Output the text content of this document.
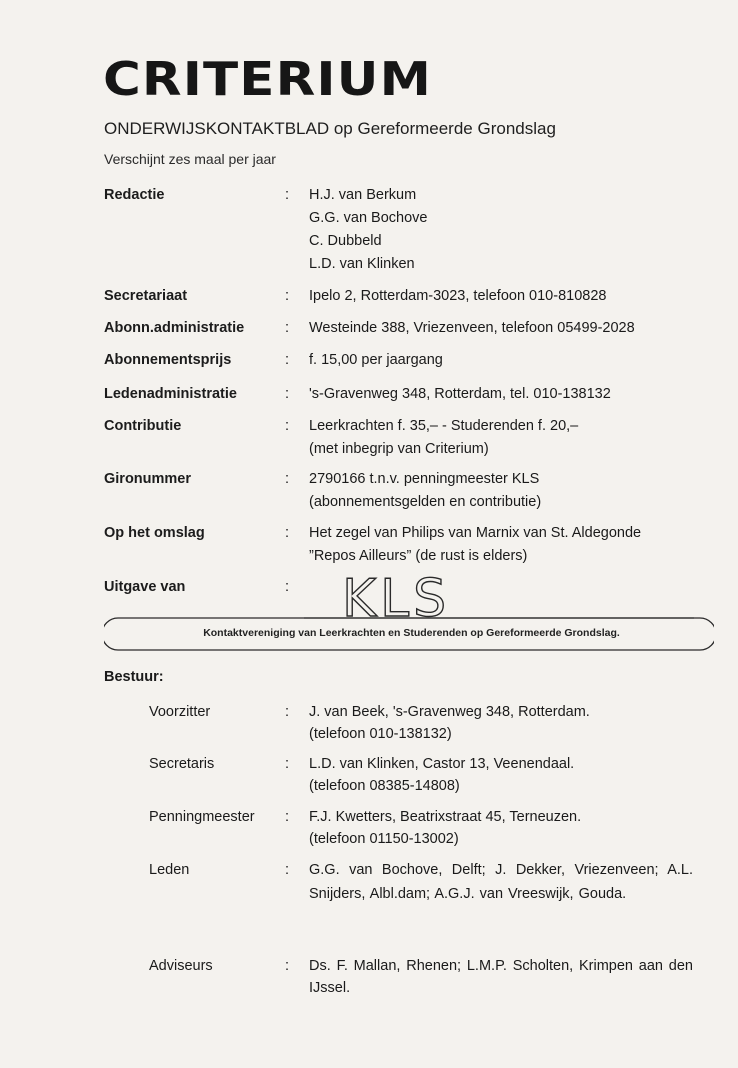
CRITERIUM
ONDERWIJSKONTAKTBLAD op Gereformeerde Grondslag
Verschijnt zes maal per jaar
Redactie	: H.J. van Berkum
G.G. van Bochove
C. Dubbeld
L.D. van Klinken
Secretariaat	: Ipelo 2, Rotterdam-3023, telefoon 010-810828
Abonn.administratie	: Westeinde 388, Vriezenveen, telefoon 05499-2028
Abonnementsprijs	: f. 15,00 per jaargang
Ledenadministratie	: 's-Gravenweg 348, Rotterdam, tel. 010-138132
Contributie	: Leerkrachten f. 35,– - Studerenden f. 20,–
(met inbegrip van Criterium)
Gironummer	: 2790166 t.n.v. penningmeester KLS
(abonnementsgelden en contributie)
Op het omslag	: Het zegel van Philips van Marnix van St. Aldegonde
”Repos Ailleurs” (de rust is elders)
Uitgave van	: KLS
Kontaktvereniging van Leerkrachten en Studerenden op Gereformeerde Grondslag.
Bestuur:
Voorzitter	: J. van Beek, 's-Gravenweg 348, Rotterdam.
(telefoon 010-138132)
Secretaris	: L.D. van Klinken, Castor 13, Veenendaal.
(telefoon 08385-14808)
Penningmeester : F.J. Kwetters, Beatrixstraat 45, Terneuzen.
(telefoon 01150-13002)
Leden	: G.G. van Bochove, Delft; J. Dekker, Vriezenveen; A.L. Snijders, Albl.dam; A.G.J. van Vreeswijk, Gouda.
Adviseurs	: Ds. F. Mallan, Rhenen; L.M.P. Scholten, Krimpen aan den IJssel.
